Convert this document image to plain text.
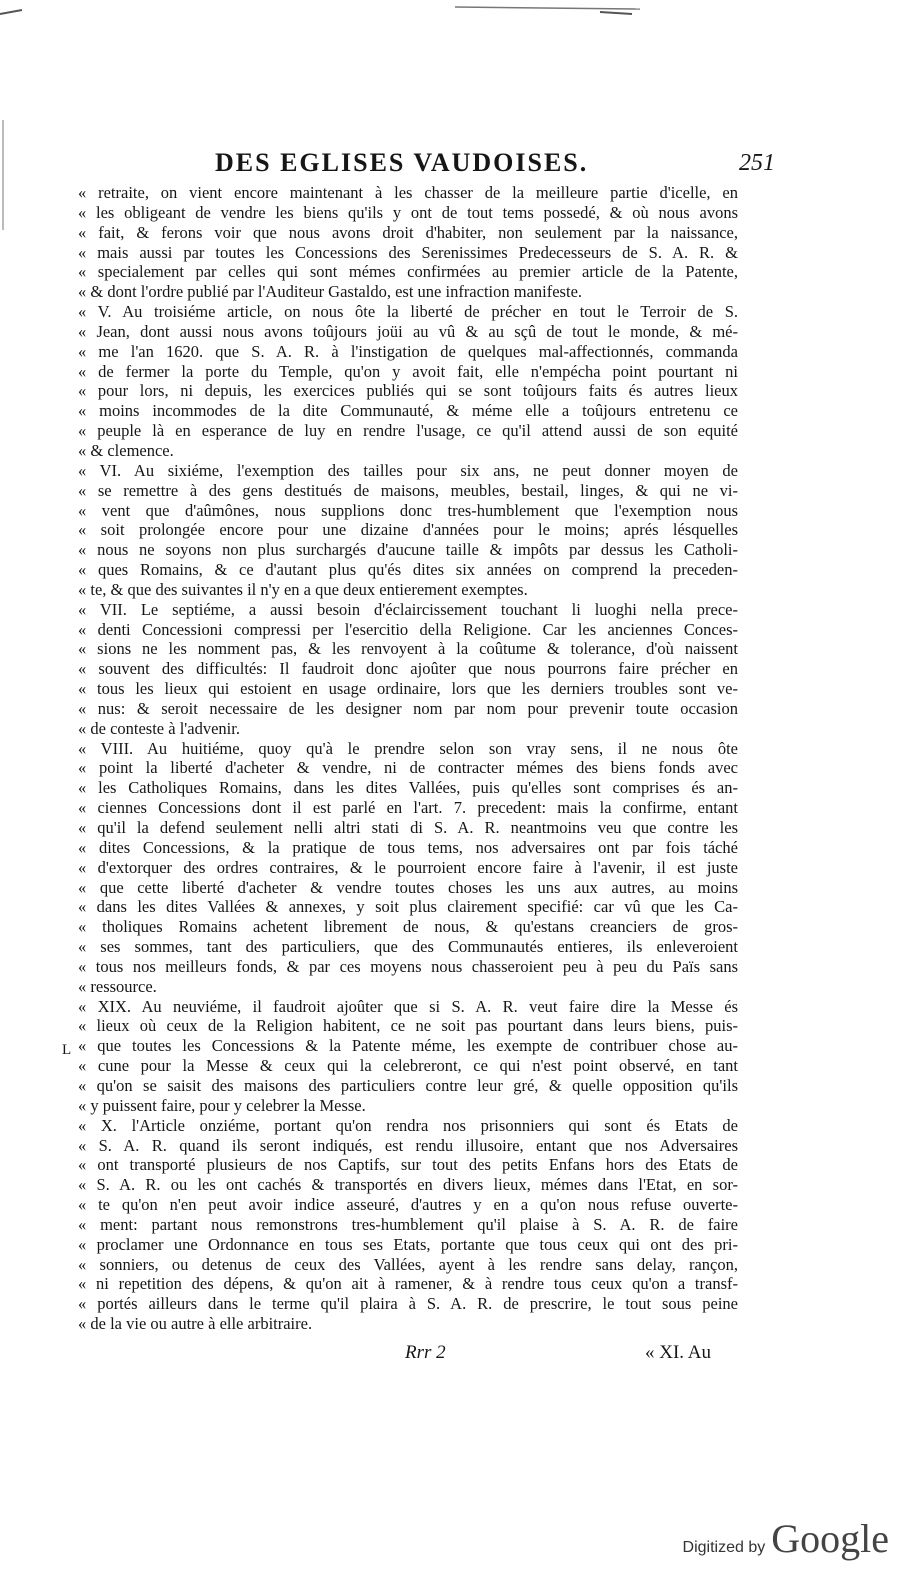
DES EGLISES VAUDOISES.	251
« retraite, on vient encore maintenant à les chasser de la meilleure partie d'icelle, en
« les obligeant de vendre les biens qu'ils y ont de tout tems possedé, & où nous avons
« fait, & ferons voir que nous avons droit d'habiter, non seulement par la naissance,
« mais aussi par toutes les Concessions des Serenissimes Predecesseurs de S. A. R. &
« specialement par celles qui sont mémes confirmées au premier article de la Patente,
« & dont l'ordre publié par l'Auditeur Gastaldo, est une infraction manifeste.
« V. Au troisiéme article, on nous ôte la liberté de précher en tout le Terroir de S.
« Jean, dont aussi nous avons toûjours joüi au vû & au sçû de tout le monde, & mé-
« me l'an 1620. que S. A. R. à l'instigation de quelques mal-affectionnés, commanda
« de fermer la porte du Temple, qu'on y avoit fait, elle n'empécha point pourtant ni
« pour lors, ni depuis, les exercices publiés qui se sont toûjours faits és autres lieux
« moins incommodes de la dite Communauté, & méme elle a toûjours entretenu ce
« peuple là en esperance de luy en rendre l'usage, ce qu'il attend aussi de son equité
« & clemence.
« VI. Au sixiéme, l'exemption des tailles pour six ans, ne peut donner moyen de
« se remettre à des gens destitués de maisons, meubles, bestail, linges, & qui ne vi-
« vent que d'aûmônes, nous supplions donc tres-humblement que l'exemption nous
« soit prolongée encore pour une dizaine d'années pour le moins; aprés lésquelles
« nous ne soyons non plus surchargés d'aucune taille & impôts par dessus les Catholi-
« ques Romains, & ce d'autant plus qu'és dites six années on comprend la preceden-
« te, & que des suivantes il n'y en a que deux entierement exemptes.
« VII. Le septiéme, a aussi besoin d'éclaircissement touchant li luoghi nella prece-
« denti Concessioni compressi per l'esercitio della Religione. Car les anciennes Conces-
« sions ne les nomment pas, & les renvoyent à la coûtume & tolerance, d'où naissent
« souvent des difficultés: Il faudroit donc ajoûter que nous pourrons faire précher en
« tous les lieux qui estoient en usage ordinaire, lors que les derniers troubles sont ve-
« nus: & seroit necessaire de les designer nom par nom pour prevenir toute occasion
« de conteste à l'advenir.
« VIII. Au huitiéme, quoy qu'à le prendre selon son vray sens, il ne nous ôte
« point la liberté d'acheter & vendre, ni de contracter mémes des biens fonds avec
« les Catholiques Romains, dans les dites Vallées, puis qu'elles sont comprises és an-
« ciennes Concessions dont il est parlé en l'art. 7. precedent: mais la confirme, entant
« qu'il la defend seulement nelli altri stati di S. A. R. neantmoins veu que contre les
« dites Concessions, & la pratique de tous tems, nos adversaires ont par fois táché
« d'extorquer des ordres contraires, & le pourroient encore faire à l'avenir, il est juste
« que cette liberté d'acheter & vendre toutes choses les uns aux autres, au moins
« dans les dites Vallées & annexes, y soit plus clairement specifié: car vû que les Ca-
« tholiques Romains achetent librement de nous, & qu'estans creanciers de gros-
« ses sommes, tant des particuliers, que des Communautés entieres, ils enleveroient
« tous nos meilleurs fonds, & par ces moyens nous chasseroient peu à peu du Païs sans
« ressource.
« XIX. Au neuviéme, il faudroit ajoûter que si S. A. R. veut faire dire la Messe és
« lieux où ceux de la Religion habitent, ce ne soit pas pourtant dans leurs biens, puis-
« que toutes les Concessions & la Patente méme, les exempte de contribuer chose au-
« cune pour la Messe & ceux qui la celebreront, ce qui n'est point observé, en tant
« qu'on se saisit des maisons des particuliers contre leur gré, & quelle opposition qu'ils
« y puissent faire, pour y celebrer la Messe.
« X. l'Article onziéme, portant qu'on rendra nos prisonniers qui sont és Etats de
« S. A. R. quand ils seront indiqués, est rendu illusoire, entant que nos Adversaires
« ont transporté plusieurs de nos Captifs, sur tout des petits Enfans hors des Etats de
« S. A. R. ou les ont cachés & transportés en divers lieux, mémes dans l'Etat, en sor-
« te qu'on n'en peut avoir indice asseuré, d'autres y en a qu'on nous refuse ouverte-
« ment: partant nous remonstrons tres-humblement qu'il plaise à S. A. R. de faire
« proclamer une Ordonnance en tous ses Etats, portante que tous ceux qui ont des pri-
« sonniers, ou detenus de ceux des Vallées, ayent à les rendre sans delay, rançon,
« ni repetition des dépens, & qu'on ait à ramener, & à rendre tous ceux qu'on a transf-
« portés ailleurs dans le terme qu'il plaira à S. A. R. de prescrire, le tout sous peine
« de la vie ou autre à elle arbitraire.
L
Rrr 2	« XI. Au
Digitized by Google
